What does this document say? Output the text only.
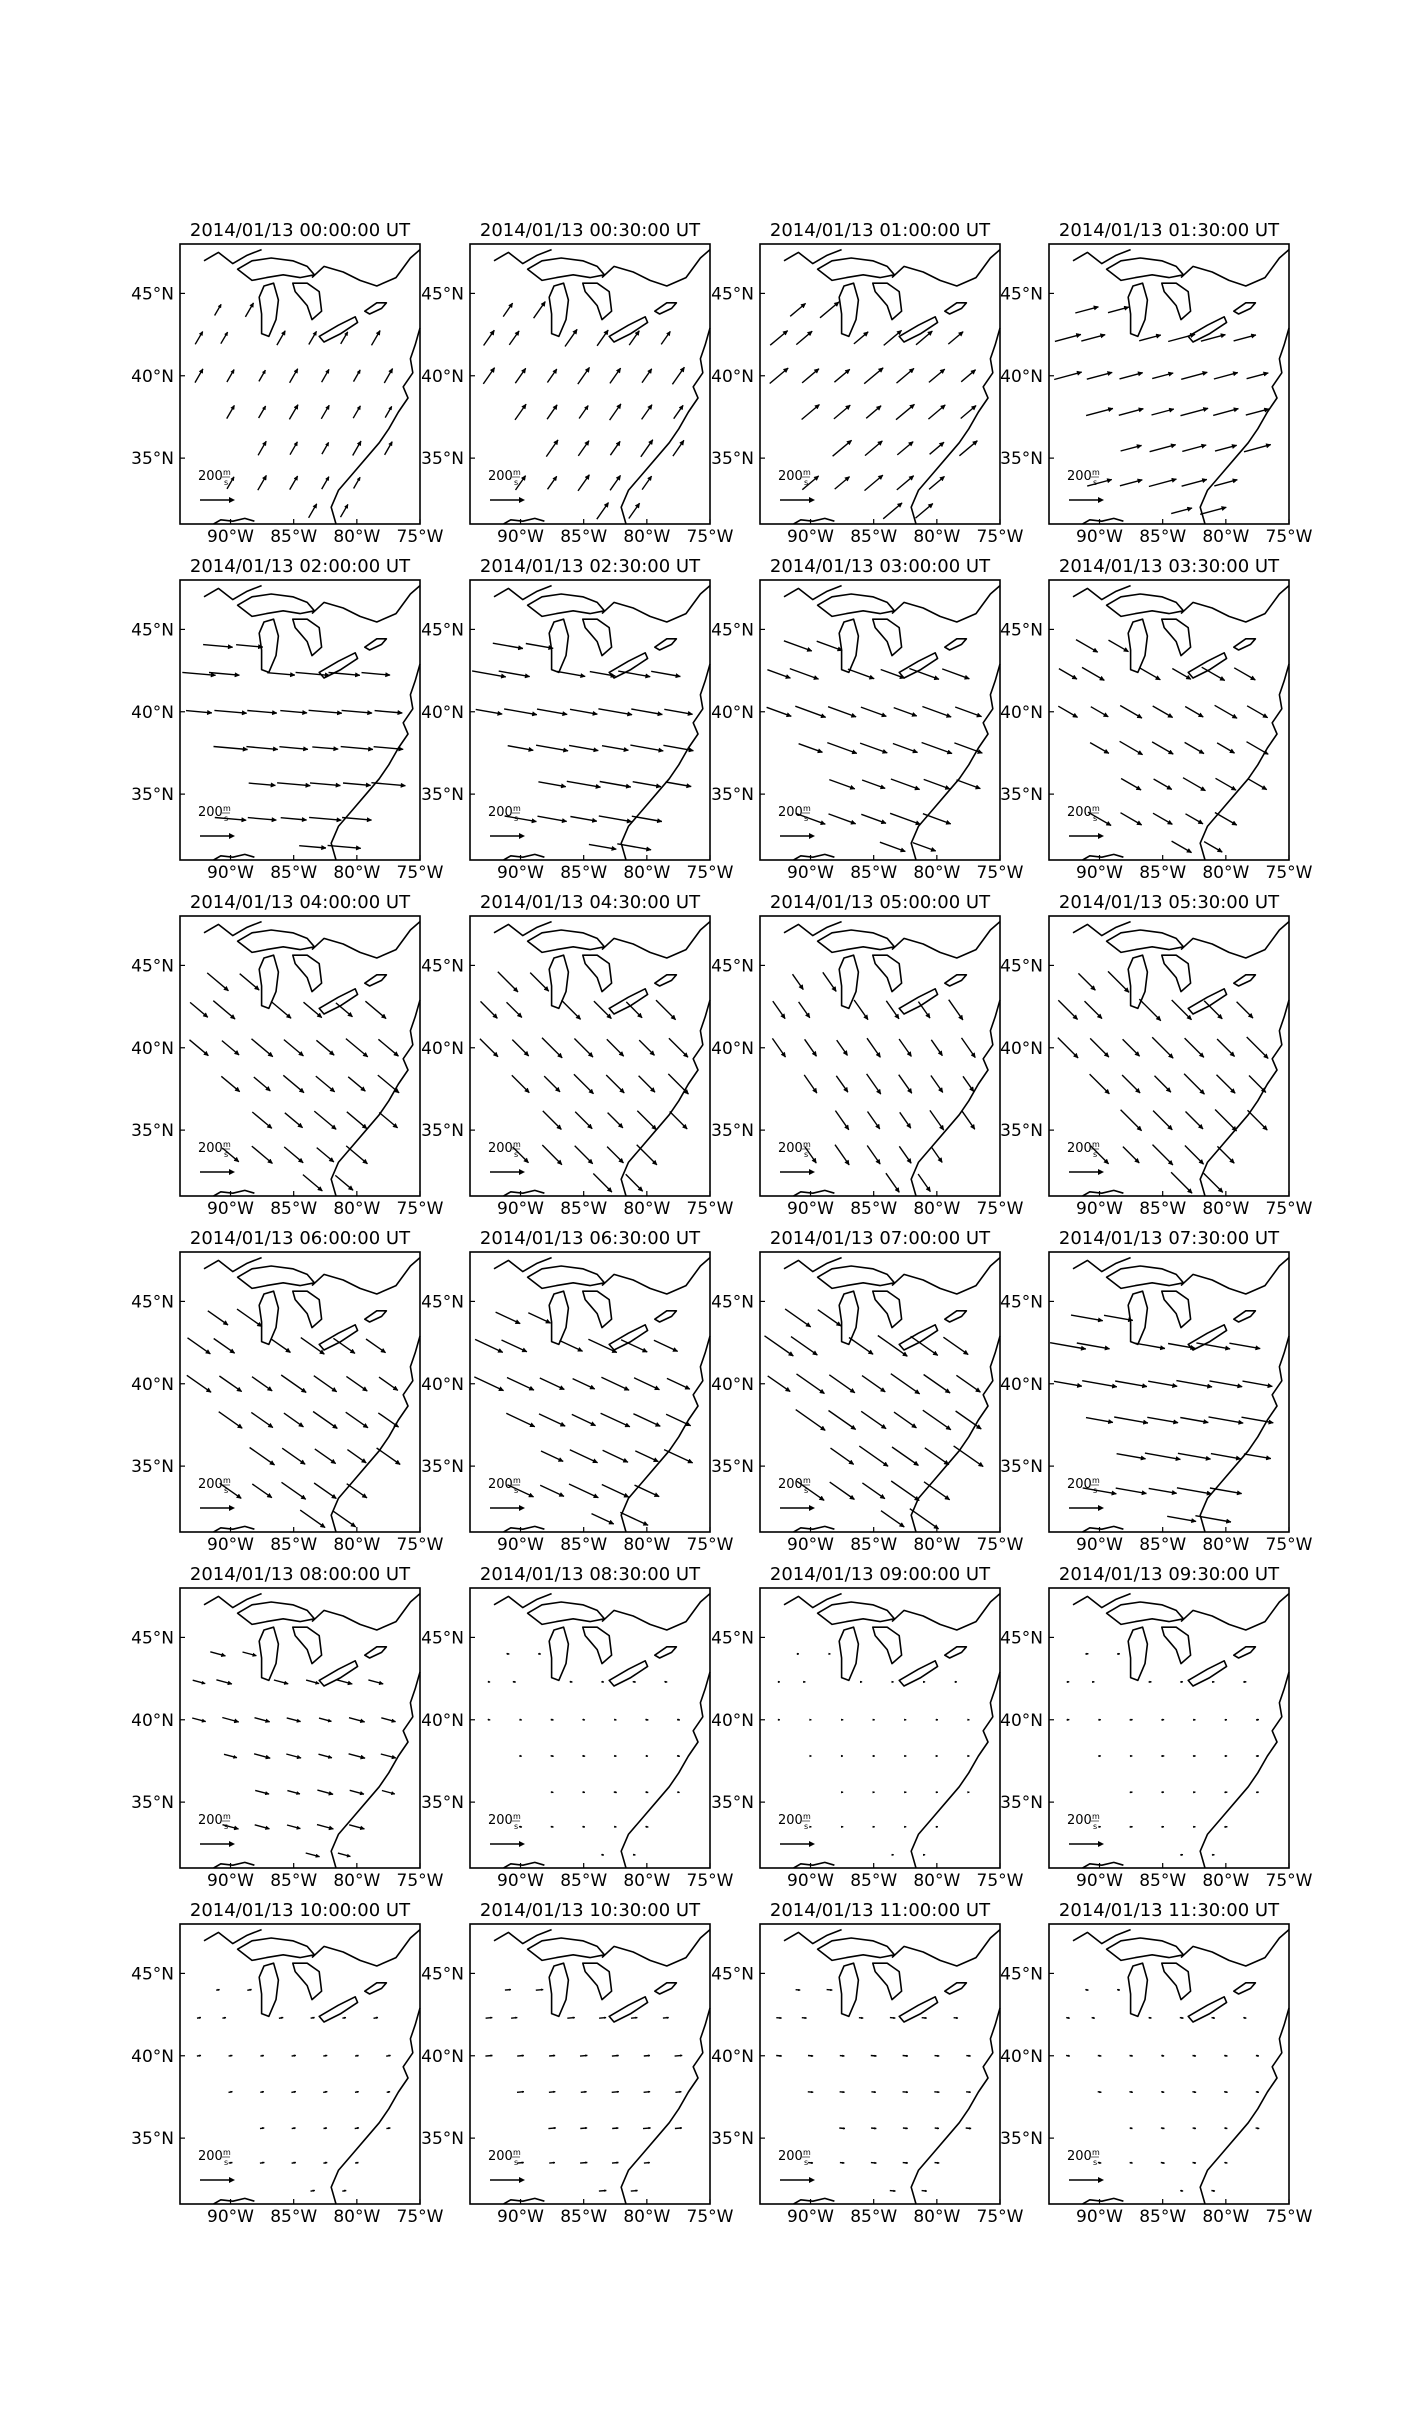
2014/01/13 00:00:00 UT
200 m
s
90°W 85°W 80°W 75°W
45°N
40°N
35°N
2014/01/13 00:30:00 UT
200 m
s
90°W 85°W 80°W 75°W
45°N
40°N
35°N
2014/01/13 01:00:00 UT
200 m
s
90°W 85°W 80°W 75°W
45°N
40°N
35°N
2014/01/13 01:30:00 UT
200 m
s
90°W 85°W 80°W 75°W
45°N
40°N
35°N
2014/01/13 02:00:00 UT
200 m
s
90°W 85°W 80°W 75°W
45°N
40°N
35°N
2014/01/13 02:30:00 UT
200 m
s
90°W 85°W 80°W 75°W
45°N
40°N
35°N
2014/01/13 03:00:00 UT
200 m
s
90°W 85°W 80°W 75°W
45°N
40°N
35°N
2014/01/13 03:30:00 UT
200 m
s
90°W 85°W 80°W 75°W
45°N
40°N
35°N
2014/01/13 04:00:00 UT
200 m
s
90°W 85°W 80°W 75°W
45°N
40°N
35°N
2014/01/13 04:30:00 UT
200 m
s
90°W 85°W 80°W 75°W
45°N
40°N
35°N
2014/01/13 05:00:00 UT
200 m
s
90°W 85°W 80°W 75°W
45°N
40°N
35°N
2014/01/13 05:30:00 UT
200 m
s
90°W 85°W 80°W 75°W
45°N
40°N
35°N
2014/01/13 06:00:00 UT
200 m
s
90°W 85°W 80°W 75°W
45°N
40°N
35°N
2014/01/13 06:30:00 UT
200 m
s
90°W 85°W 80°W 75°W
45°N
40°N
35°N
2014/01/13 07:00:00 UT
200 m
s
90°W 85°W 80°W 75°W
45°N
40°N
35°N
2014/01/13 07:30:00 UT
200 m
s
90°W 85°W 80°W 75°W
45°N
40°N
35°N
2014/01/13 08:00:00 UT
200 m
s
90°W 85°W 80°W 75°W
45°N
40°N
35°N
2014/01/13 08:30:00 UT
200 m
s
90°W 85°W 80°W 75°W
45°N
40°N
35°N
2014/01/13 09:00:00 UT
200 m
s
90°W 85°W 80°W 75°W
45°N
40°N
35°N
2014/01/13 09:30:00 UT
200 m
s
90°W 85°W 80°W 75°W
45°N
40°N
35°N
2014/01/13 10:00:00 UT
200 m
s
90°W 85°W 80°W 75°W
45°N
40°N
35°N
2014/01/13 10:30:00 UT
200 m
s
90°W 85°W 80°W 75°W
45°N
40°N
35°N
2014/01/13 11:00:00 UT
200 m
s
90°W 85°W 80°W 75°W
45°N
40°N
35°N
2014/01/13 11:30:00 UT
200 m
s
90°W 85°W 80°W 75°W
45°N
40°N
35°N
